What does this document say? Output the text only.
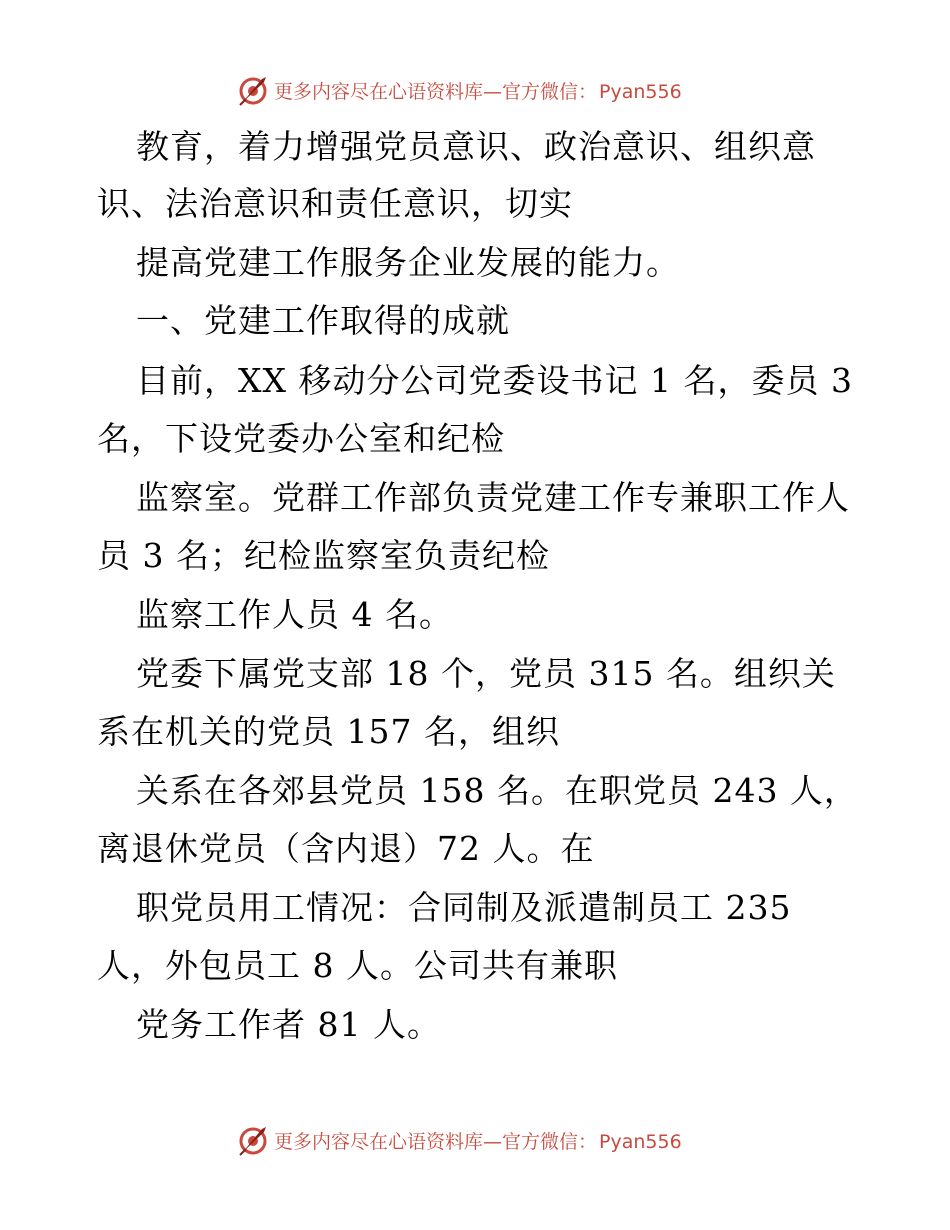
更多内容尽在心语资料库—官方微信： Pyan556
教育，着力增强党员意识、政治意识、组织意
识、法治意识和责任意识，切实
提高党建工作服务企业发展的能力。
一、党建工作取得的成就
目前，XX 移动分公司党委设书记 1 名，委员 3
名，下设党委办公室和纪检
监察室。党群工作部负责党建工作专兼职工作人
员 3 名；纪检监察室负责纪检
监察工作人员 4 名。
党委下属党支部 18 个，党员 315 名。组织关
系在机关的党员 157 名，组织
关系在各郊县党员 158 名。在职党员 243 人，
离退休党员（含内退）72 人。在
职党员用工情况：合同制及派遣制员工 235
人，外包员工 8 人。公司共有兼职
党务工作者 81 人。
更多内容尽在心语资料库—官方微信： Pyan556
